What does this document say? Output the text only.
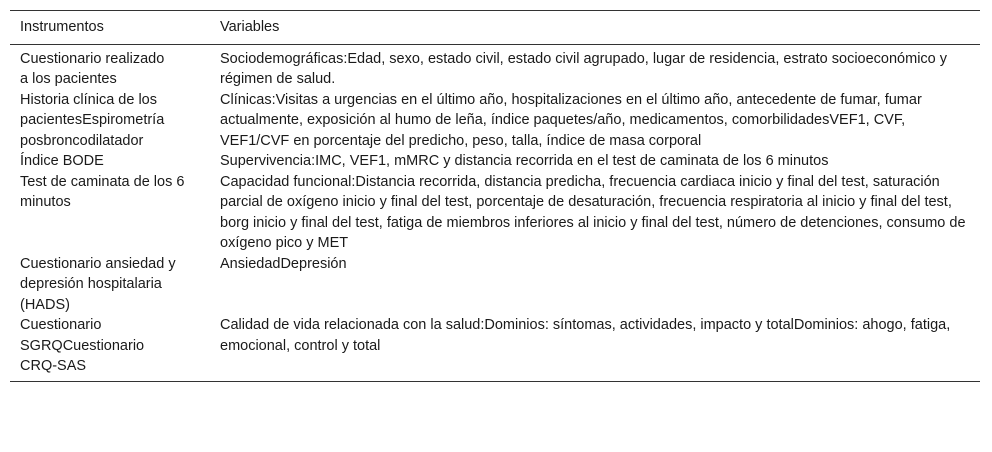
Instrumentos	Variables
Cuestionario realizado a los pacientes	Sociodemográficas:Edad, sexo, estado civil, estado civil agrupado, lugar de residencia, estrato socioeconómico y régimen de salud.
Historia clínica de los pacientesEspirometría posbroncodilatador	Clínicas:Visitas a urgencias en el último año, hospitalizaciones en el último año, antecedente de fumar, fumar actualmente, exposición al humo de leña, índice paquetes/año, medicamentos, comorbilidadesVEF1, CVF, VEF1/CVF en porcentaje del predicho, peso, talla, índice de masa corporal
Índice BODE	Supervivencia:IMC, VEF1, mMRC y distancia recorrida en el test de caminata de los 6 minutos
Test de caminata de los 6 minutos	Capacidad funcional:Distancia recorrida, distancia predicha, frecuencia cardiaca inicio y final del test, saturación parcial de oxígeno inicio y final del test, porcentaje de desaturación, frecuencia respiratoria al inicio y final del test, borg inicio y final del test, fatiga de miembros inferiores al inicio y final del test, número de detenciones, consumo de oxígeno pico y MET
Cuestionario ansiedad y depresión hospitalaria (HADS)	AnsiedadDepresión
Cuestionario SGRQCuestionario CRQ-SAS	Calidad de vida relacionada con la salud:Dominios: síntomas, actividades, impacto y totalDominios: ahogo, fatiga, emocional, control y total
